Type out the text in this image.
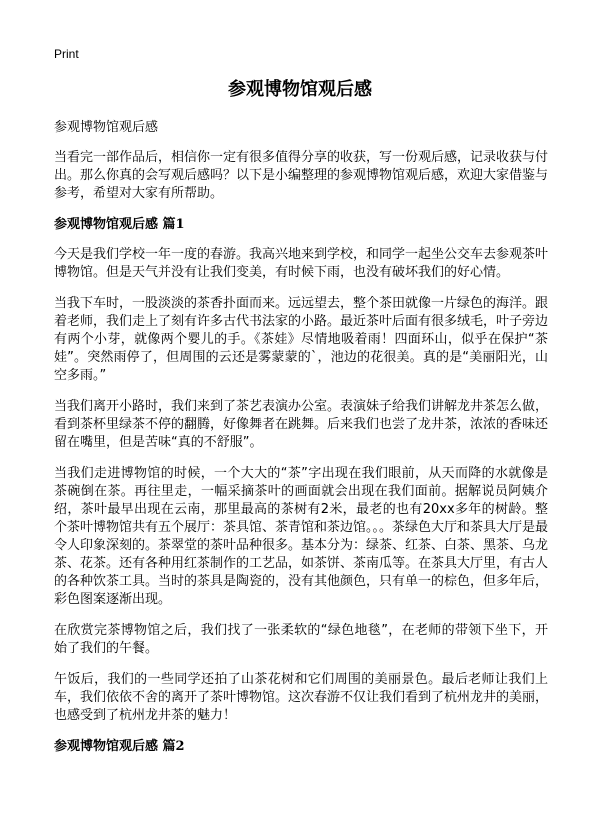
Print
参观博物馆观后感

参观博物馆观后感

当看完一部作品后，相信你一定有很多值得分享的收获，写一份观后感，记录收获与付出。那么你真的会写观后感吗？以下是小编整理的参观博物馆观后感，欢迎大家借鉴与参考，希望对大家有所帮助。

参观博物馆观后感 篇1

今天是我们学校一年一度的春游。我高兴地来到学校，和同学一起坐公交车去参观茶叶博物馆。但是天气并没有让我们变美，有时候下雨，也没有破坏我们的好心情。

当我下车时，一股淡淡的茶香扑面而来。远远望去，整个茶田就像一片绿色的海洋。跟着老师，我们走上了刻有许多古代书法家的小路。最近茶叶后面有很多绒毛，叶子旁边有两个小芽，就像两个婴儿的手。《茶娃》尽情地吸着雨！四面环山，似乎在保护“茶娃”。突然雨停了，但周围的云还是雾蒙蒙的`，池边的花很美。真的是“美丽阳光，山空多雨。”

当我们离开小路时，我们来到了茶艺表演办公室。表演妹子给我们讲解龙井茶怎么做，看到茶杯里绿茶不停的翻腾，好像舞者在跳舞。后来我们也尝了龙井茶，浓浓的香味还留在嘴里，但是苦味“真的不舒服”。

当我们走进博物馆的时候，一个大大的“茶”字出现在我们眼前，从天而降的水就像是茶碗倒在茶。再往里走，一幅采摘茶叶的画面就会出现在我们面前。据解说员阿姨介绍，茶叶最早出现在云南，那里最高的茶树有2米，最老的也有20xx多年的树龄。整个茶叶博物馆共有五个展厅：茶具馆、茶青馆和茶边馆。。。茶绿色大厅和茶具大厅是最令人印象深刻的。茶翠堂的茶叶品种很多。基本分为：绿茶、红茶、白茶、黑茶、乌龙茶、花茶。还有各种用红茶制作的工艺品，如茶饼、茶南瓜等。在茶具大厅里，有古人的各种饮茶工具。当时的茶具是陶瓷的，没有其他颜色，只有单一的棕色，但多年后，彩色图案逐渐出现。

在欣赏完茶博物馆之后，我们找了一张柔软的“绿色地毯”，在老师的带领下坐下，开始了我们的午餐。

午饭后，我们的一些同学还拍了山茶花树和它们周围的美丽景色。最后老师让我们上车，我们依依不舍的离开了茶叶博物馆。这次春游不仅让我们看到了杭州龙井的美丽，也感受到了杭州龙井茶的魅力！

参观博物馆观后感 篇2
